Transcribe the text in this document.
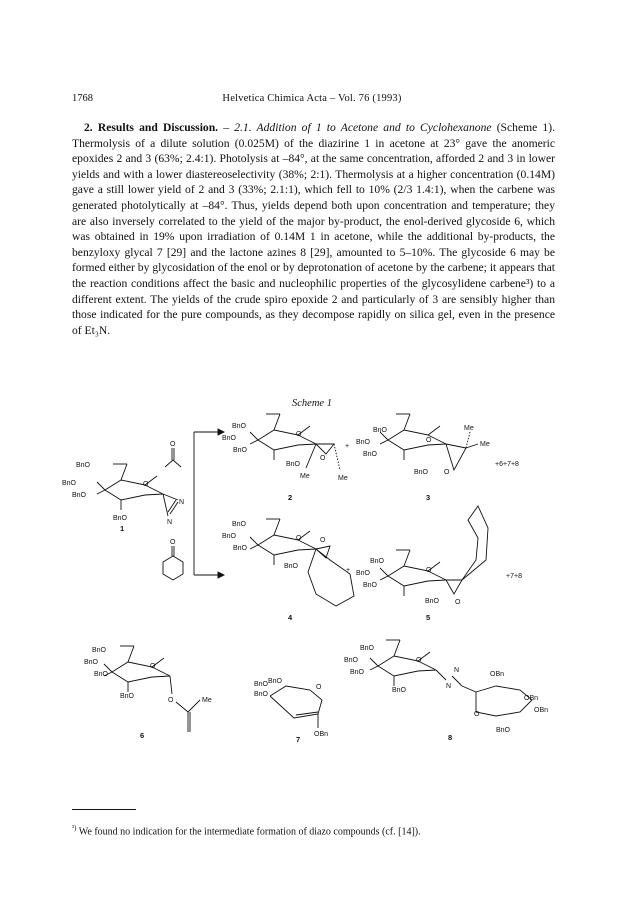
1768	Helvetica Chimica Acta – Vol. 76 (1993)

2. Results and Discussion. – 2.1. Addition of 1 to Acetone and to Cyclohexanone (Scheme 1). Thermolysis of a dilute solution (0.025M) of the diazirine 1 in acetone at 23° gave the anomeric epoxides 2 and 3 (63%; 2.4:1). Photolysis at –84°, at the same concentration, afforded 2 and 3 in lower yields and with a lower diastereoselectivity (38%; 2:1). Thermolysis at a higher concentration (0.14M) gave a still lower yield of 2 and 3 (33%; 2.1:1), which fell to 10% (2/3 1.4:1), when the carbene was generated photolytically at –84°. Thus, yields depend both upon concentration and temperature; they are also inversely correlated to the yield of the major by-product, the enol-derived glycoside 6, which was obtained in 19% upon irradiation of 0.14M 1 in acetone, while the additional by-products, the benzyloxy glycal 7 [29] and the lactone azines 8 [29], amounted to 5–10%. The glycoside 6 may be formed either by glycosidation of the enol or by deprotonation of acetone by the carbene; it appears that the reaction conditions affect the basic and nucleophilic properties of the glycosylidene carbene³) to a different extent. The yields of the crude spiro epoxide 2 and particularly of 3 are sensibly higher than those indicated for the pure compounds, as they decompose rapidly on silica gel, even in the presence of Et₃N.

Scheme 1
BnO
BnO
BnO
BnO
O
N
N
1
O
O
BnO
BnO
BnO
BnO
O
O
Me	Me
2
+
BnO
BnO
BnO
BnO
O
O
Me
Me
3
+6+7+8
BnO
BnO
BnO
BnO
O	O
4
+
BnO
BnO
BnO
BnO
O
O
5
+7+8
BnO
BnO
BnO
BnO
O
O	Me
6
BnO BnO
BnO
O
OBn
7
BnO
BnO
BnO
BnO
O
N
N
O
OBn
OBn
OBn
BnO
8
$^{^3)}$ We found no indication for the intermediate formation of diazo compounds (cf. [14]).
